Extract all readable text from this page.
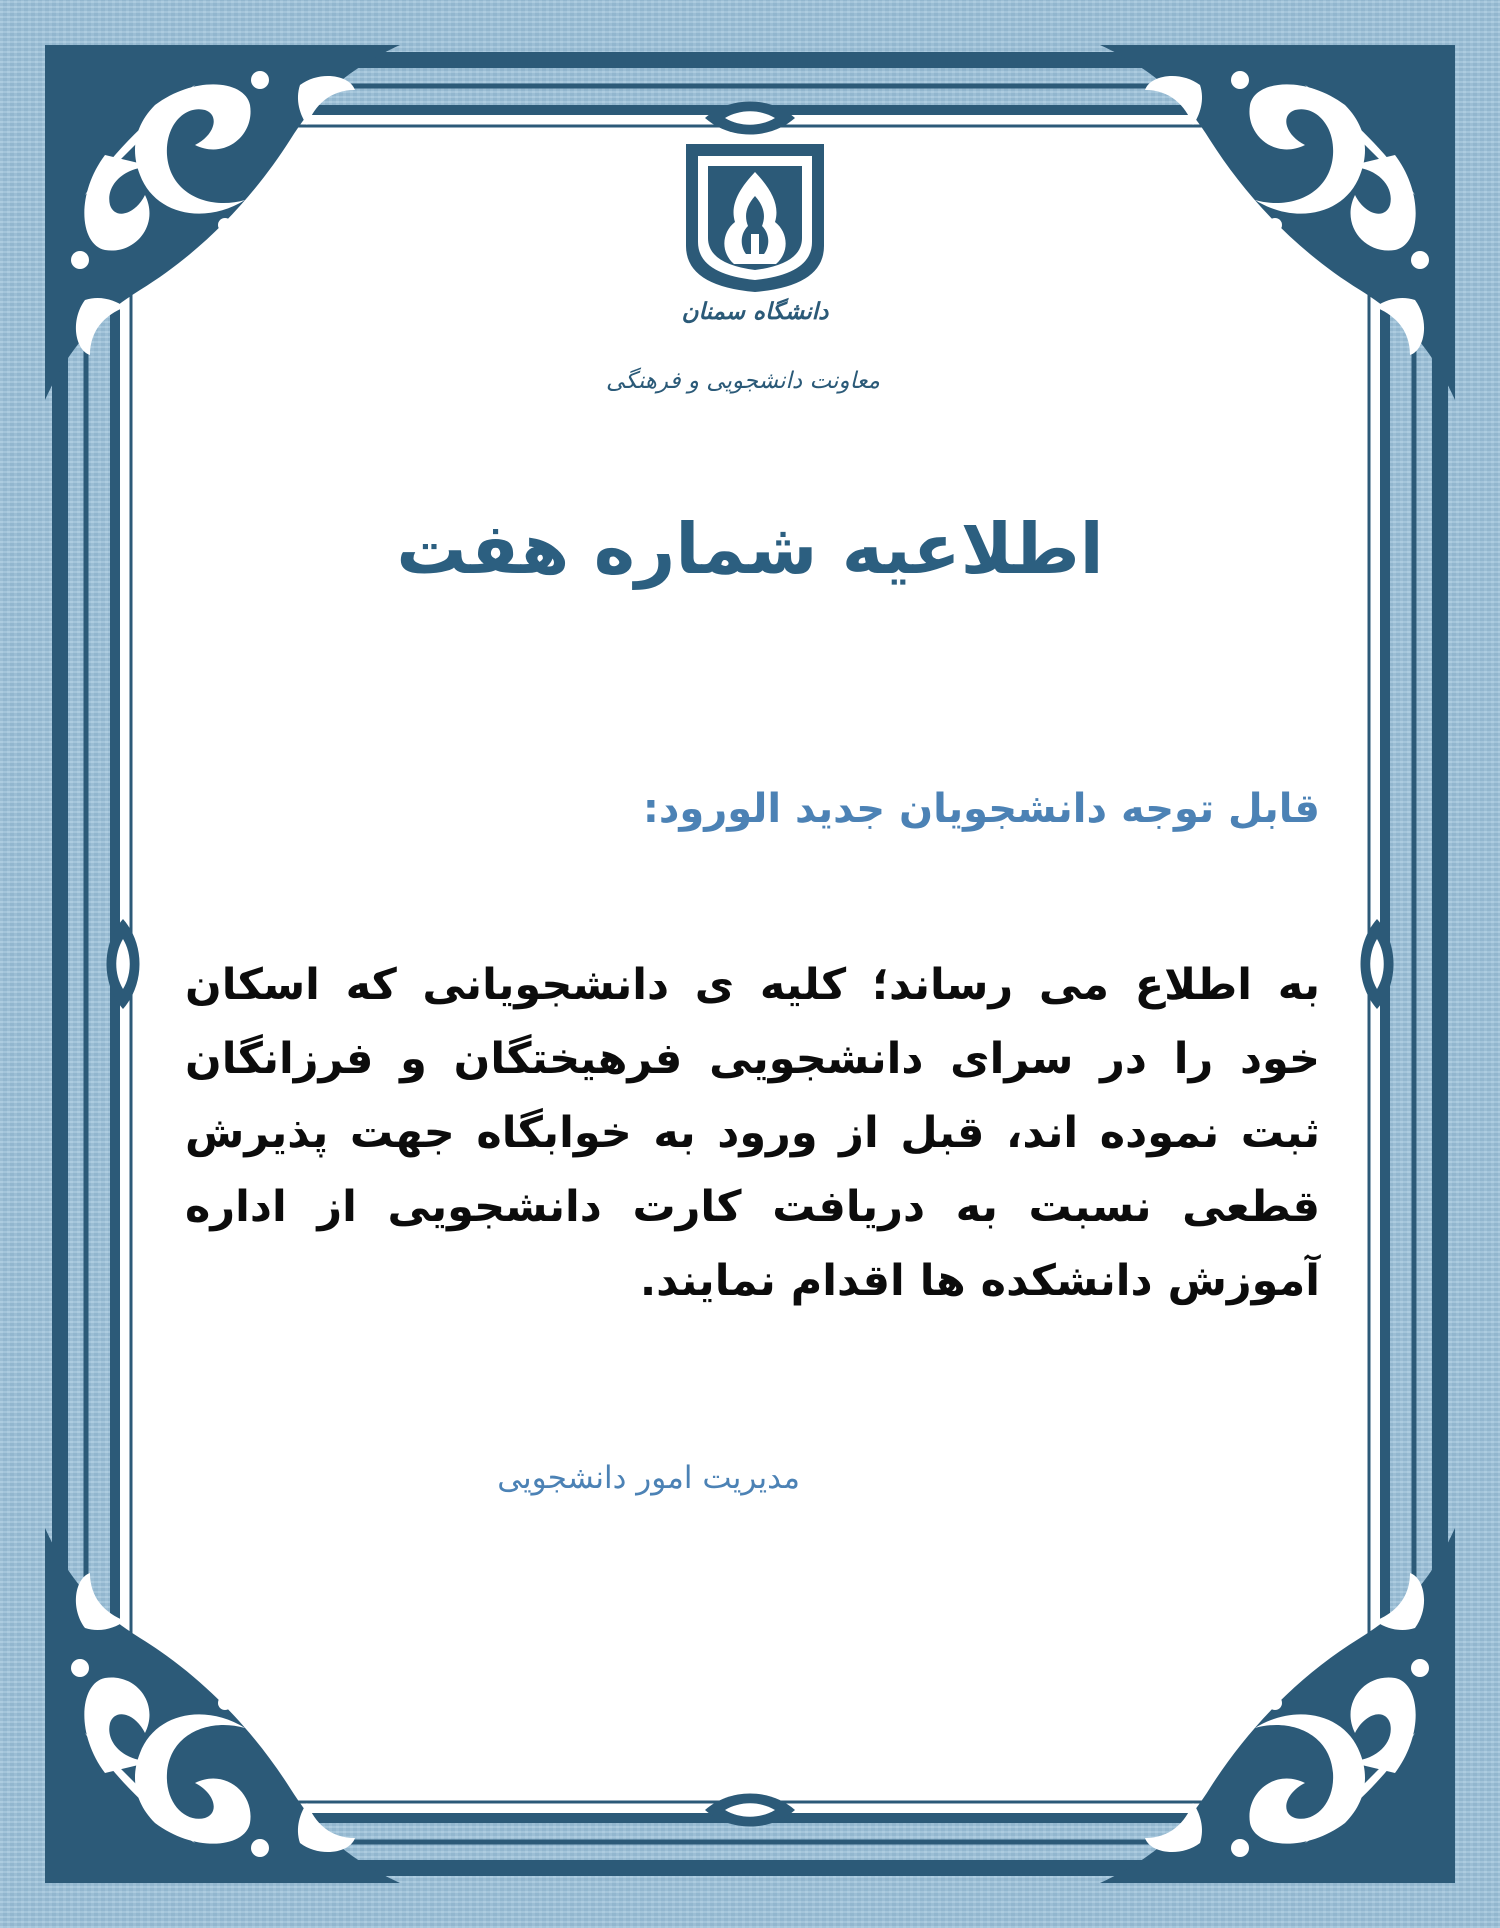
دانشگاه سمنان
معاونت دانشجویی و فرهنگی
اطلاعیه شماره هفت
قابل توجه دانشجویان جدید الورود:
به اطلاع می رساند؛ کلیه ی دانشجویانی که اسکان خود را در سرای دانشجویی فرهیختگان و فرزانگان ثبت نموده اند، قبل از ورود به خوابگاه جهت پذیرش قطعی نسبت به دریافت کارت دانشجویی از اداره آموزش دانشکده ها اقدام نمایند.
مدیریت امور دانشجویی
